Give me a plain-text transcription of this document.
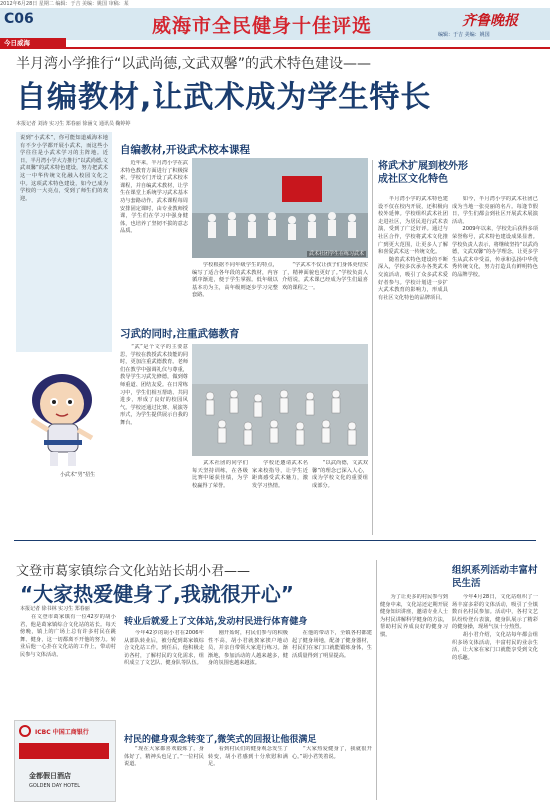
2012年6月28日 星期二 编辑：于吉 美编：姚国 审稿：某
C06	威海市全民健身十佳评选	齐鲁晚报
编辑：于吉 美编：姚国
今日威海
半月湾小学推行“以武尚德,文武双馨”的武术特色建设——
自编教材,让武术成为学生特长
本报记者 刘涛 实习生 郑春丽 徐涵文 通讯员 鞠婷婷
说到“小武术”，你可能知道威海本地有不少小学都开展小武术，而这些小学往往是小武术学习的主阵地。近日，半月湾小学大力推行“以武尚德,文武双馨”的武术特色建设，努力把武术这一中华传统文化融入校园文化之中。这项武术特色建设，如今已成为学校的一大亮点，受到了师生们的欢迎。
小武术“男”招生
自编教材,开设武术校本课程
武术社团学生在练习武术
　　近年来，半月湾小学在武术特色教育方面进行了积极探索，学校专门开设了武术校本课程，并自编武术教材，让学生在课堂上系统学习武术基本功与套路动作。武术课程每周安排固定课时，由专业教师授课，学生们在学习中强身健体，也培养了坚韧不拔的意志品质。
　　学校根据不同年级学生的特点，编写了适合各年段的武术教材，内容循序渐进，便于学生掌握。低年级以基本功为主，高年级则逐步学习完整套路。
　　“学武术不仅让孩子们身体更结实了，精神面貌也更好了。”学校负责人介绍说，武术课已经成为学生们最喜欢的课程之一。
习武的同时,注重武德教育
　　“武”是个文字的主要意思，学校在教授武术技能的同时，更加注重武德教育。老师们在教学中强调礼仪与尊重，教导学生习武先修德，做到尊师重道、团结友爱。在日常练习中，学生们相互帮助、共同进步，形成了良好的校园风气。学校还通过比赛、展演等形式，为学生提供展示自我的舞台。
　　武术社团的同学们每天坚持训练，在各级比赛中屡获佳绩，为学校赢得了荣誉。
　　学校还邀请武术名家来校指导，让学生近距离感受武术魅力，激发学习热情。
　　“以武尚德，文武双馨”的理念已深入人心，成为学校文化的重要组成部分。
将武术扩展到校外形成社区文化特色
　　半月湾小学的武术特色建设不仅在校内开展，还积极向校外延伸。学校组织武术社团走进社区，为居民进行武术表演，受到了广泛好评。通过与社区合作，学校将武术文化推广到更大范围，让更多人了解和喜爱武术这一传统文化。
　　随着武术特色建设的不断深入，学校多次承办各类武术交流活动，吸引了众多武术爱好者参与。学校计划进一步扩大武术教育的影响力，形成具有社区文化特色的品牌项目。
　　如今，半月湾小学的武术社团已成为当地一张亮丽的名片。每逢节假日，学生们都会到社区开展武术展演活动。
　　2009年以来，学校先后获得多项荣誉称号，武术特色建设成果显著。学校负责人表示，将继续坚持“以武尚德，文武双馨”的办学理念，让更多学生从武术中受益，传承和弘扬中华优秀传统文化，努力打造具有鲜明特色的品牌学校。
文登市葛家镇综合文化站站长胡小君——
“大家热爱健身了,我就很开心”
本报记者 徐书林 实习生 郑春丽
　　在文登市葛家镇有一位42岁的胡小君，他是葛家镇综合文化站的站长。每天傍晚，镇上的广场上总有许多村民在跳舞、健身，这一切都离不开他的努力。转业后他一心扑在文化站的工作上，带动村民参与文体活动。
转业后就爱上了文体站,发动村民进行体育健身
　　今年42岁的胡小君在2006年从部队转业后，被分配到葛家镇综合文化站工作。到任后，他积极走访各村，了解村民的文化需求，组织成立了文艺队、健身队等队伍。
　　刚开始时，村民们参与的积极性不高，胡小君就挨家挨户地动员，并亲自带领大家进行练习。渐渐地，参加活动的人越来越多，健身的氛围也越来越浓。
　　在他的带动下，全镇各村都建起了健身场地，配备了健身器材，村民们在家门口就能锻炼身体，生活质量得到了明显提高。
村民的健身观念转变了,微笑式的回报让他很满足
　　“现在大家都喜欢锻炼了，身体好了，精神头也足了。”一位村民说道。
　　看到村民们的健身观念发生了转变，胡小君感到十分欣慰和满足。
　　“大家热爱健身了，我就很开心。”胡小君笑着说。
组织系列活动丰富村民生活
　　今年4月28日，文化站组织了一场丰富多彩的文体活动，吸引了全镇数百名村民参加。活动中，各村文艺队纷纷登台表演，健身队展示了精彩的健身操，现场气氛十分热烈。
　　胡小君介绍，文化站每年都会组织多场文体活动，丰富村民的业余生活，让大家在家门口就能享受到文化的乐趣。
　　为了让更多的村民参与到健身中来，文化站还定期开展健身知识讲座，邀请专业人士为村民讲解科学健身的方法，帮助村民养成良好的健身习惯。
ICBC 中国工商银行
金都假日酒店
GOLDEN DAY HOTEL
